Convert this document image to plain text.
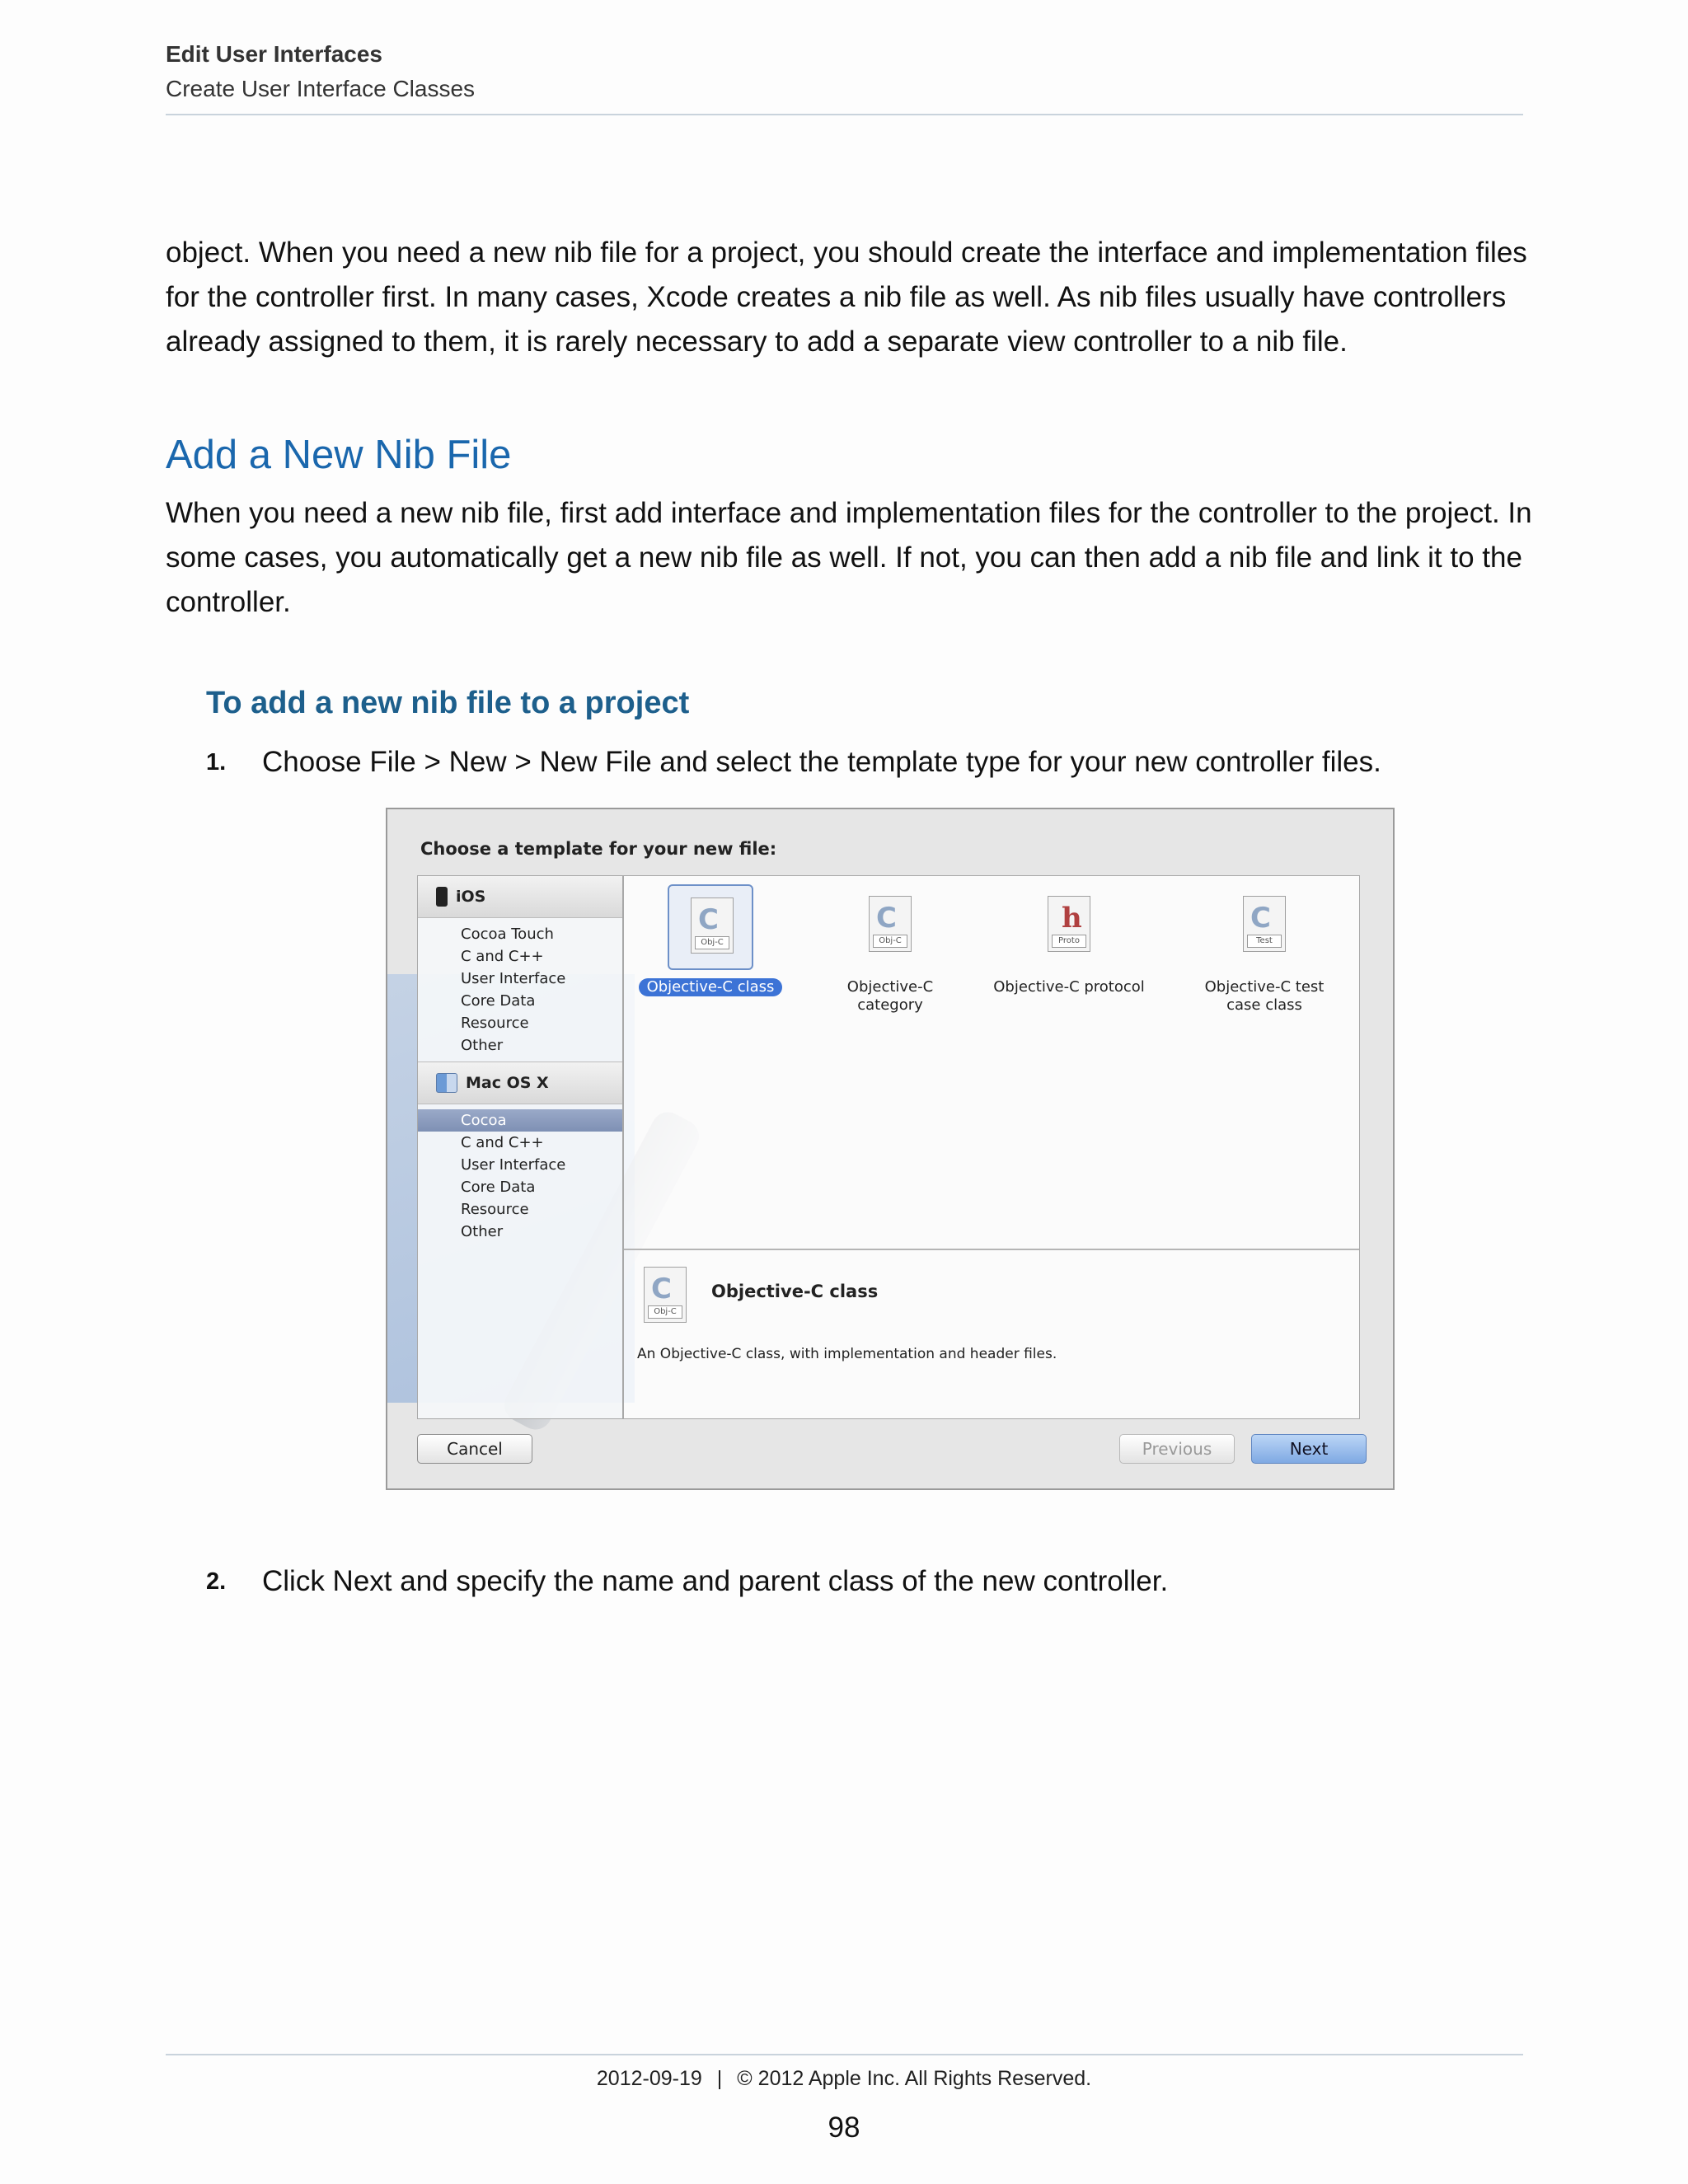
Edit User Interfaces
Create User Interface Classes

object. When you need a new nib file for a project, you should create the interface and implementation files for the controller first. In many cases, Xcode creates a nib file as well. As nib files usually have controllers already assigned to them, it is rarely necessary to add a separate view controller to a nib file.

Add a New Nib File

When you need a new nib file, first add interface and implementation files for the controller to the project. In some cases, you automatically get a new nib file as well. If not, you can then add a nib file and link it to the controller.

To add a new nib file to a project
1. Choose File > New > New File and select the template type for your new controller files.
Choose a template for your new file:
iOS
Cocoa Touch
C and C++
User Interface
Core Data
Resource
Other
Mac OS X
Cocoa
C and C++
User Interface
Core Data
Resource
Other
C
Obj-C
Objective-C class
C
Obj-C
Objective-C
category
h
Proto
Objective-C protocol
C
Test
Objective-C test
case class
C
Obj-C
Objective-C class
An Objective-C class, with implementation and header files.
Cancel	Previous	Next
2. Click Next and specify the name and parent class of the new controller.
2012-09-19 | © 2012 Apple Inc. All Rights Reserved.
98
